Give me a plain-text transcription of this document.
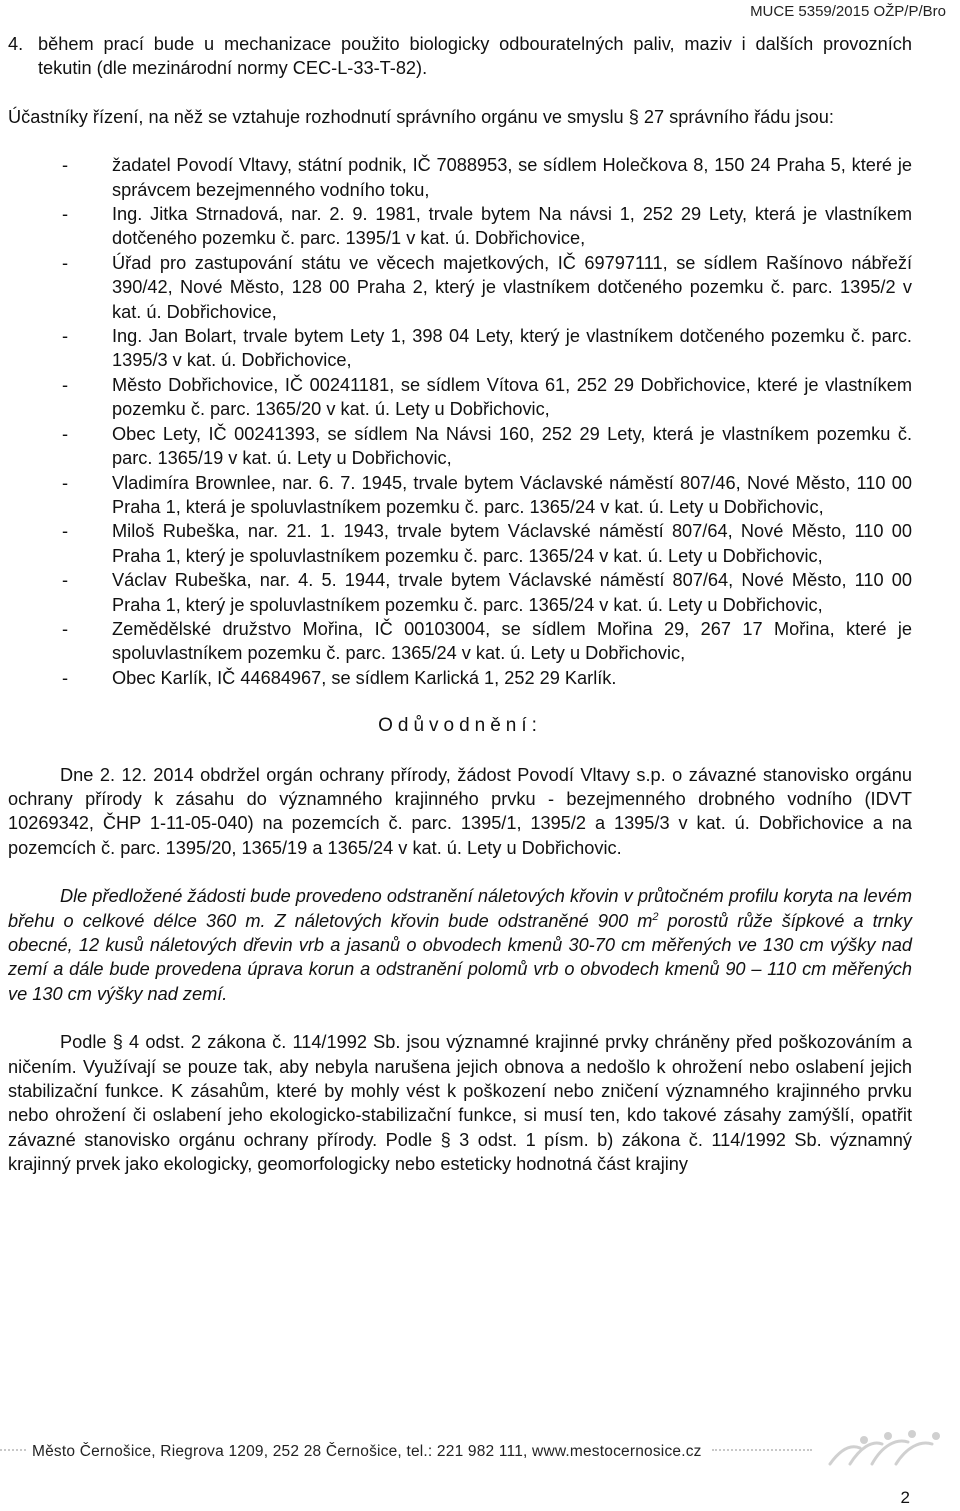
MUCE 5359/2015 OŽP/P/Bro

4. během prací bude u mechanizace použito biologicky odbouratelných paliv, maziv i dalších provozních tekutin (dle mezinárodní normy CEC-L-33-T-82).

Účastníky řízení, na něž se vztahuje rozhodnutí správního orgánu ve smyslu § 27 správního řádu jsou:

-	žadatel Povodí Vltavy, státní podnik, IČ 7088953, se sídlem Holečkova 8, 150 24 Praha 5, které je správcem bezejmenného vodního toku,
-	Ing. Jitka Strnadová, nar. 2. 9. 1981, trvale bytem Na návsi 1, 252 29 Lety, která je vlastníkem dotčeného pozemku č. parc. 1395/1 v kat. ú. Dobřichovice,
-	Úřad pro zastupování státu ve věcech majetkových, IČ 69797111, se sídlem Rašínovo nábřeží 390/42, Nové Město, 128 00 Praha 2, který je vlastníkem dotčeného pozemku č. parc. 1395/2 v kat. ú. Dobřichovice,
-	Ing. Jan Bolart, trvale bytem Lety 1, 398 04 Lety, který je vlastníkem dotčeného pozemku č. parc. 1395/3 v kat. ú. Dobřichovice,
-	Město Dobřichovice, IČ 00241181, se sídlem Vítova 61, 252 29 Dobřichovice, které je vlastníkem pozemku č. parc. 1365/20 v kat. ú. Lety u Dobřichovic,
-	Obec Lety, IČ 00241393, se sídlem Na Návsi 160, 252 29 Lety, která je vlastníkem pozemku č. parc. 1365/19 v kat. ú. Lety u Dobřichovic,
-	Vladimíra Brownlee, nar. 6. 7. 1945, trvale bytem Václavské náměstí 807/46, Nové Město, 110 00 Praha 1, která je spoluvlastníkem pozemku č. parc. 1365/24 v kat. ú. Lety u Dobřichovic,
-	Miloš Rubeška, nar. 21. 1. 1943, trvale bytem Václavské náměstí 807/64, Nové Město, 110 00 Praha 1, který je spoluvlastníkem pozemku č. parc. 1365/24 v kat. ú. Lety u Dobřichovic,
-	Václav Rubeška, nar. 4. 5. 1944, trvale bytem Václavské náměstí 807/64, Nové Město, 110 00 Praha 1, který je spoluvlastníkem pozemku č. parc. 1365/24 v kat. ú. Lety u Dobřichovic,
-	Zemědělské družstvo Mořina, IČ 00103004, se sídlem Mořina 29, 267 17 Mořina, které je spoluvlastníkem pozemku č. parc. 1365/24 v kat. ú. Lety u Dobřichovic,
-	Obec Karlík, IČ 44684967, se sídlem Karlická 1, 252 29 Karlík.

Odůvodnění:

Dne 2. 12. 2014 obdržel orgán ochrany přírody, žádost Povodí Vltavy s.p. o závazné stanovisko orgánu ochrany přírody k zásahu do významného krajinného prvku - bezejmenného drobného vodního (IDVT 10269342, ČHP 1-11-05-040) na pozemcích č. parc. 1395/1, 1395/2 a 1395/3 v kat. ú. Dobřichovice a na pozemcích č. parc. 1395/20, 1365/19 a 1365/24 v kat. ú. Lety u Dobřichovic.

Dle předložené žádosti bude provedeno odstranění náletových křovin v průtočném profilu koryta na levém břehu o celkové délce 360 m. Z náletových křovin bude odstraněné 900 $m^2$ porostů růže šípkové a trnky obecné, 12 kusů náletových dřevin vrb a jasanů o obvodech kmenů 30-70 cm měřených ve 130 cm výšky nad zemí a dále bude provedena úprava korun a odstranění polomů vrb o obvodech kmenů 90 – 110 cm měřených ve 130 cm výšky nad zemí.

Podle § 4 odst. 2 zákona č. 114/1992 Sb. jsou významné krajinné prvky chráněny před poškozováním a ničením. Využívají se pouze tak, aby nebyla narušena jejich obnova a nedošlo k ohrožení nebo oslabení jejich stabilizační funkce. K zásahům, které by mohly vést k poškození nebo zničení významného krajinného prvku nebo ohrožení či oslabení jeho ekologicko-stabilizační funkce, si musí ten, kdo takové zásahy zamýšlí, opatřit závazné stanovisko orgánu ochrany přírody. Podle § 3 odst. 1 písm. b) zákona č. 114/1992 Sb. významný krajinný prvek jako ekologicky, geomorfologicky nebo esteticky hodnotná část krajiny

Město Černošice, Riegrova 1209, 252 28 Černošice, tel.: 221 982 111, www.mestocernosice.cz
2
